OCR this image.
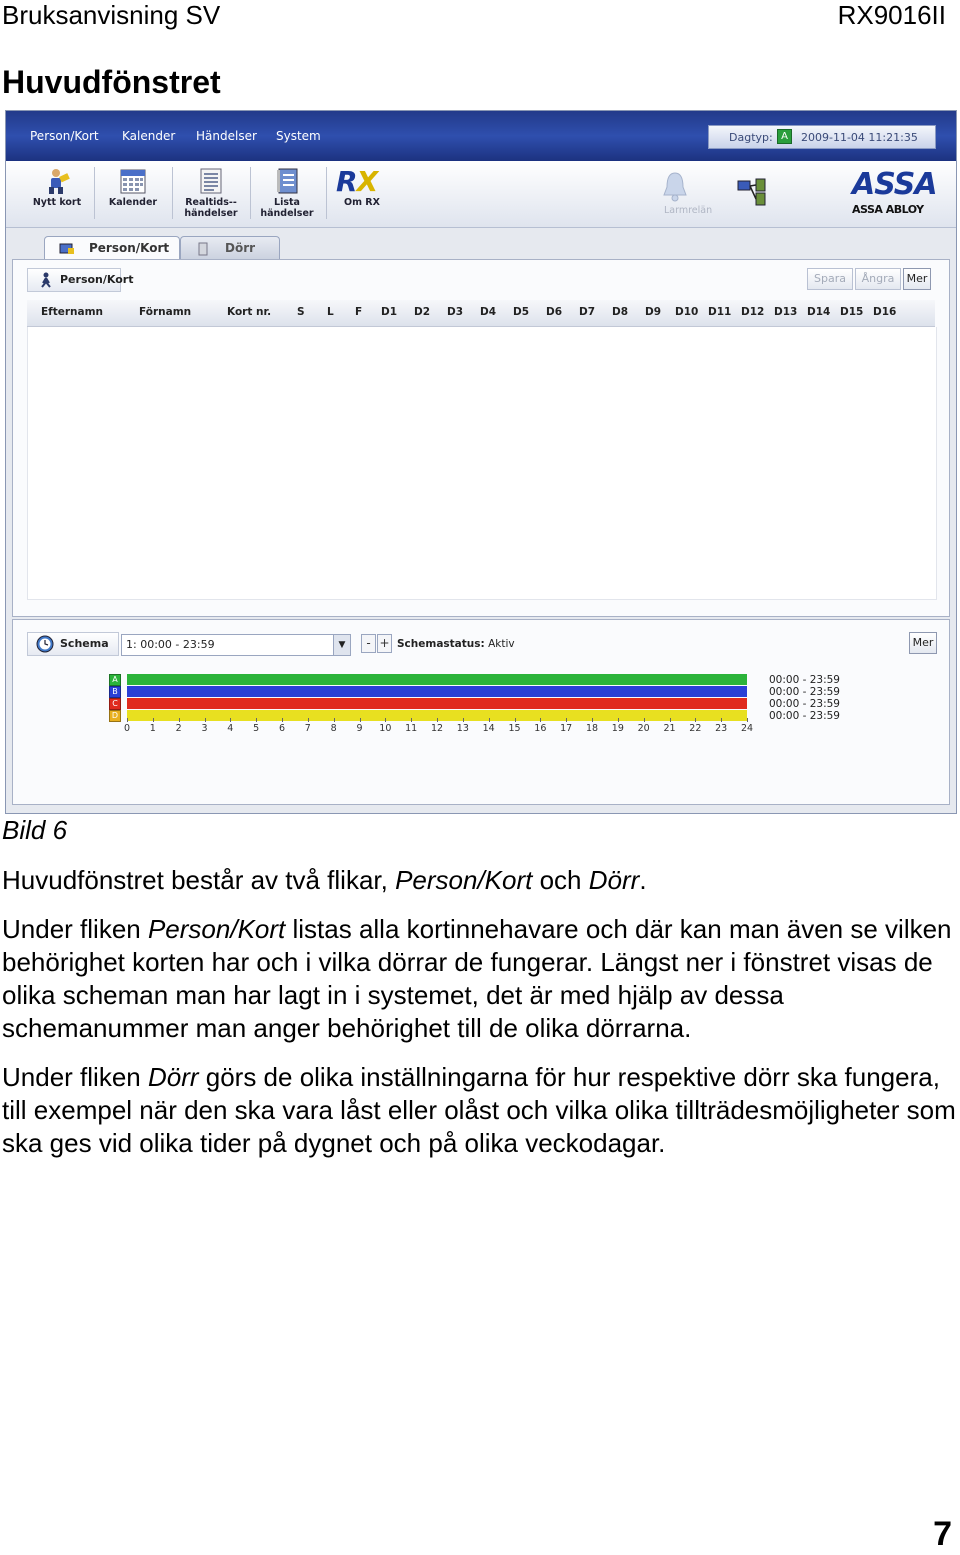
Bruksanvisning SV	RX9016II
Huvudfönstret
Person/Kort Kalender Händelser System	Dagtyp: A	2009-11-04 11:21:35
Nytt kort	Kalender	Realtids--
händelser
Lista
händelser
RX
Om RX
Larmrelän
ASSA
ASSA ABLOY
Person/Kort	Dörr
Person/Kort	Spara	Ångra	Mer
Efternamn	Förnamn	Kort nr. S L F D1 D2 D3 D4 D5 D6 D7 D8 D9 D10 D11 D12 D13 D14 D15 D16
Schema 1: 00:00 - 23:59	▼	- + Schemastatus: Aktiv	Mer
A
B
C
D
0	1	2	3	4	5	6	7	8	9	10	11	12	13	14	15	16	17	18	19	20	21	22	23	24
00:00 - 23:59
00:00 - 23:59
00:00 - 23:59
00:00 - 23:59
Bild 6

Huvudfönstret består av två flikar, Person/Kort och Dörr.

Under fliken Person/Kort listas alla kortinnehavare och där kan man även se vilken behörighet korten har och i vilka dörrar de fungerar. Längst ner i fönstret visas de olika scheman man har lagt in i systemet, det är med hjälp av dessa schemanummer man anger behörighet till de olika dörrarna.

Under fliken Dörr görs de olika inställningarna för hur respektive dörr ska fungera, till exempel när den ska vara låst eller olåst och vilka olika tillträdesmöjligheter som ska ges vid olika tider på dygnet och på olika veckodagar.

7
